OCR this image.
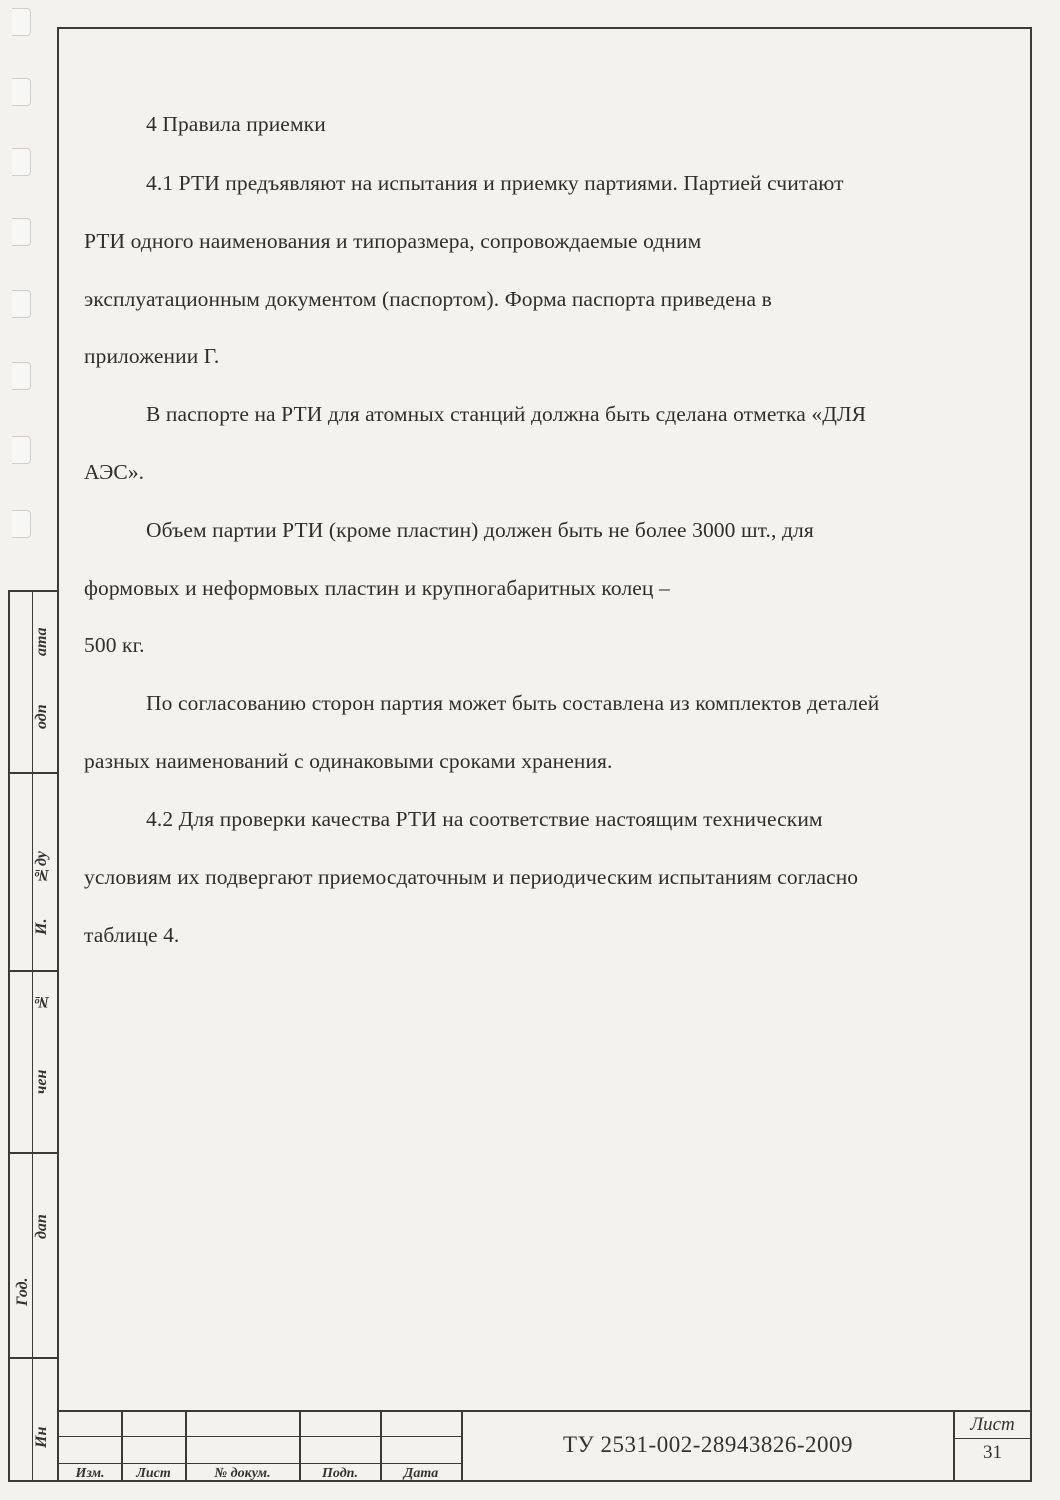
ата
одп
№ду
И.
№
чен
дап
Год.
Ин
4 Правила приемки
4.1 РТИ предъявляют на испытания и приемку партиями. Партией считают
РТИ одного наименования и типоразмера, сопровождаемые одним
эксплуатационным документом (паспортом). Форма паспорта приведена в
приложении Г.
В паспорте на РТИ для атомных станций должна быть сделана отметка «ДЛЯ
АЭС».
Объем партии РТИ (кроме пластин) должен быть не более 3000 шт., для
формовых и неформовых пластин и крупногабаритных колец –
500 кг.
По согласованию сторон партия может быть составлена из комплектов деталей
разных наименований с одинаковыми сроками хранения.
4.2 Для проверки качества РТИ на соответствие настоящим техническим
условиям их подвергают приемосдаточным и периодическим испытаниям согласно
таблице 4.
Изм.	Лист	№ докум.	Подп.	Дата
ТУ 2531-002-28943826-2009
Лист
31
